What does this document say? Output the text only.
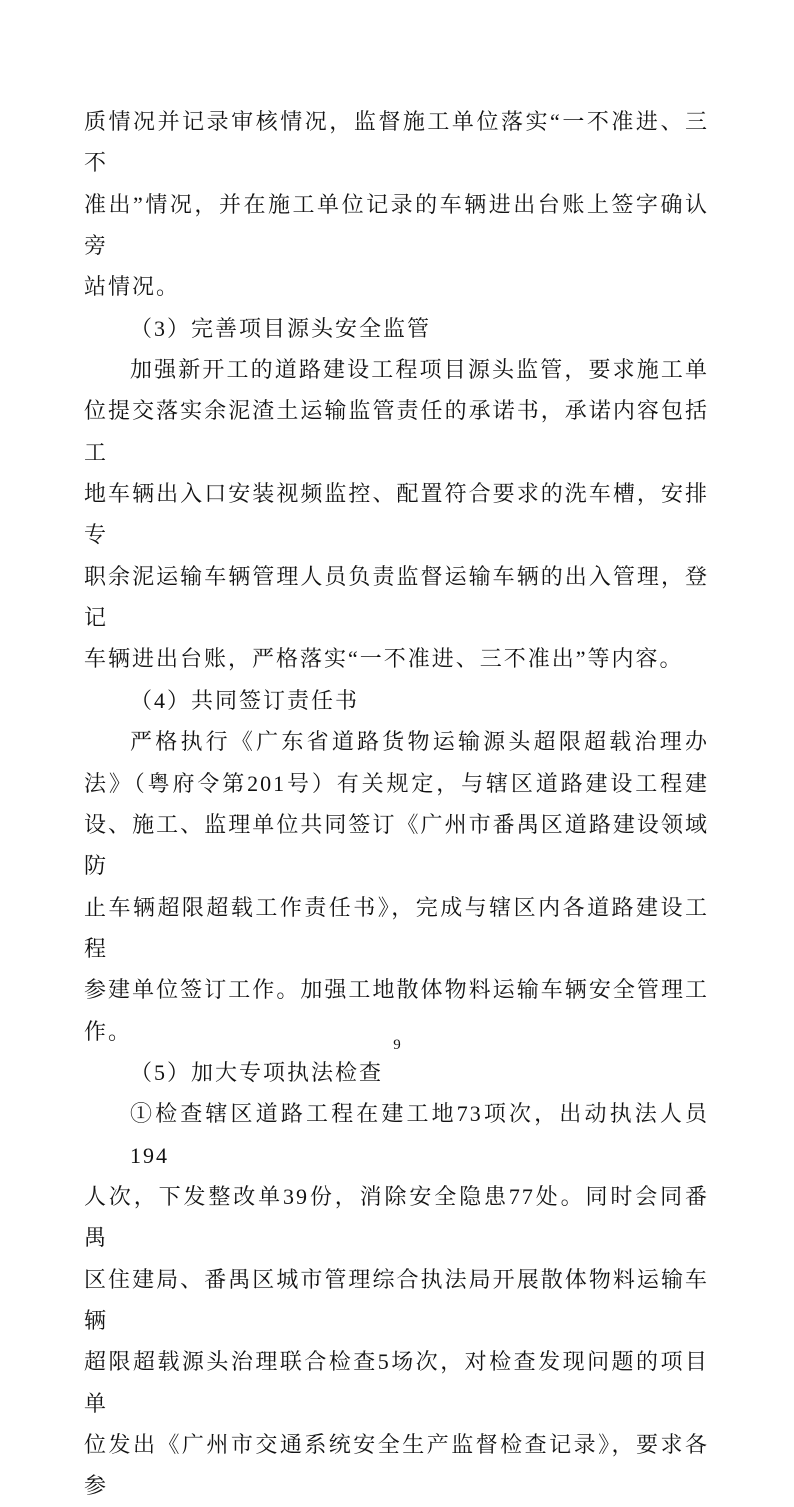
质情况并记录审核情况，监督施工单位落实“一不准进、三不
准出”情况，并在施工单位记录的车辆进出台账上签字确认旁
站情况。
（3）完善项目源头安全监管
加强新开工的道路建设工程项目源头监管，要求施工单
位提交落实余泥渣土运输监管责任的承诺书，承诺内容包括工
地车辆出入口安装视频监控、配置符合要求的洗车槽，安排专
职余泥运输车辆管理人员负责监督运输车辆的出入管理，登记
车辆进出台账，严格落实“一不准进、三不准出”等内容。
（4）共同签订责任书
严格执行《广东省道路货物运输源头超限超载治理办
法》（粤府令第201号）有关规定，与辖区道路建设工程建
设、施工、监理单位共同签订《广州市番禺区道路建设领域防
止车辆超限超载工作责任书》，完成与辖区内各道路建设工程
参建单位签订工作。加强工地散体物料运输车辆安全管理工
作。
（5）加大专项执法检查
①检查辖区道路工程在建工地73项次，出动执法人员194
人次，下发整改单39份，消除安全隐患77处。同时会同番禺
区住建局、番禺区城市管理综合执法局开展散体物料运输车辆
超限超载源头治理联合检查5场次，对检查发现问题的项目单
位发出《广州市交通系统安全生产监督检查记录》，要求各参
9
